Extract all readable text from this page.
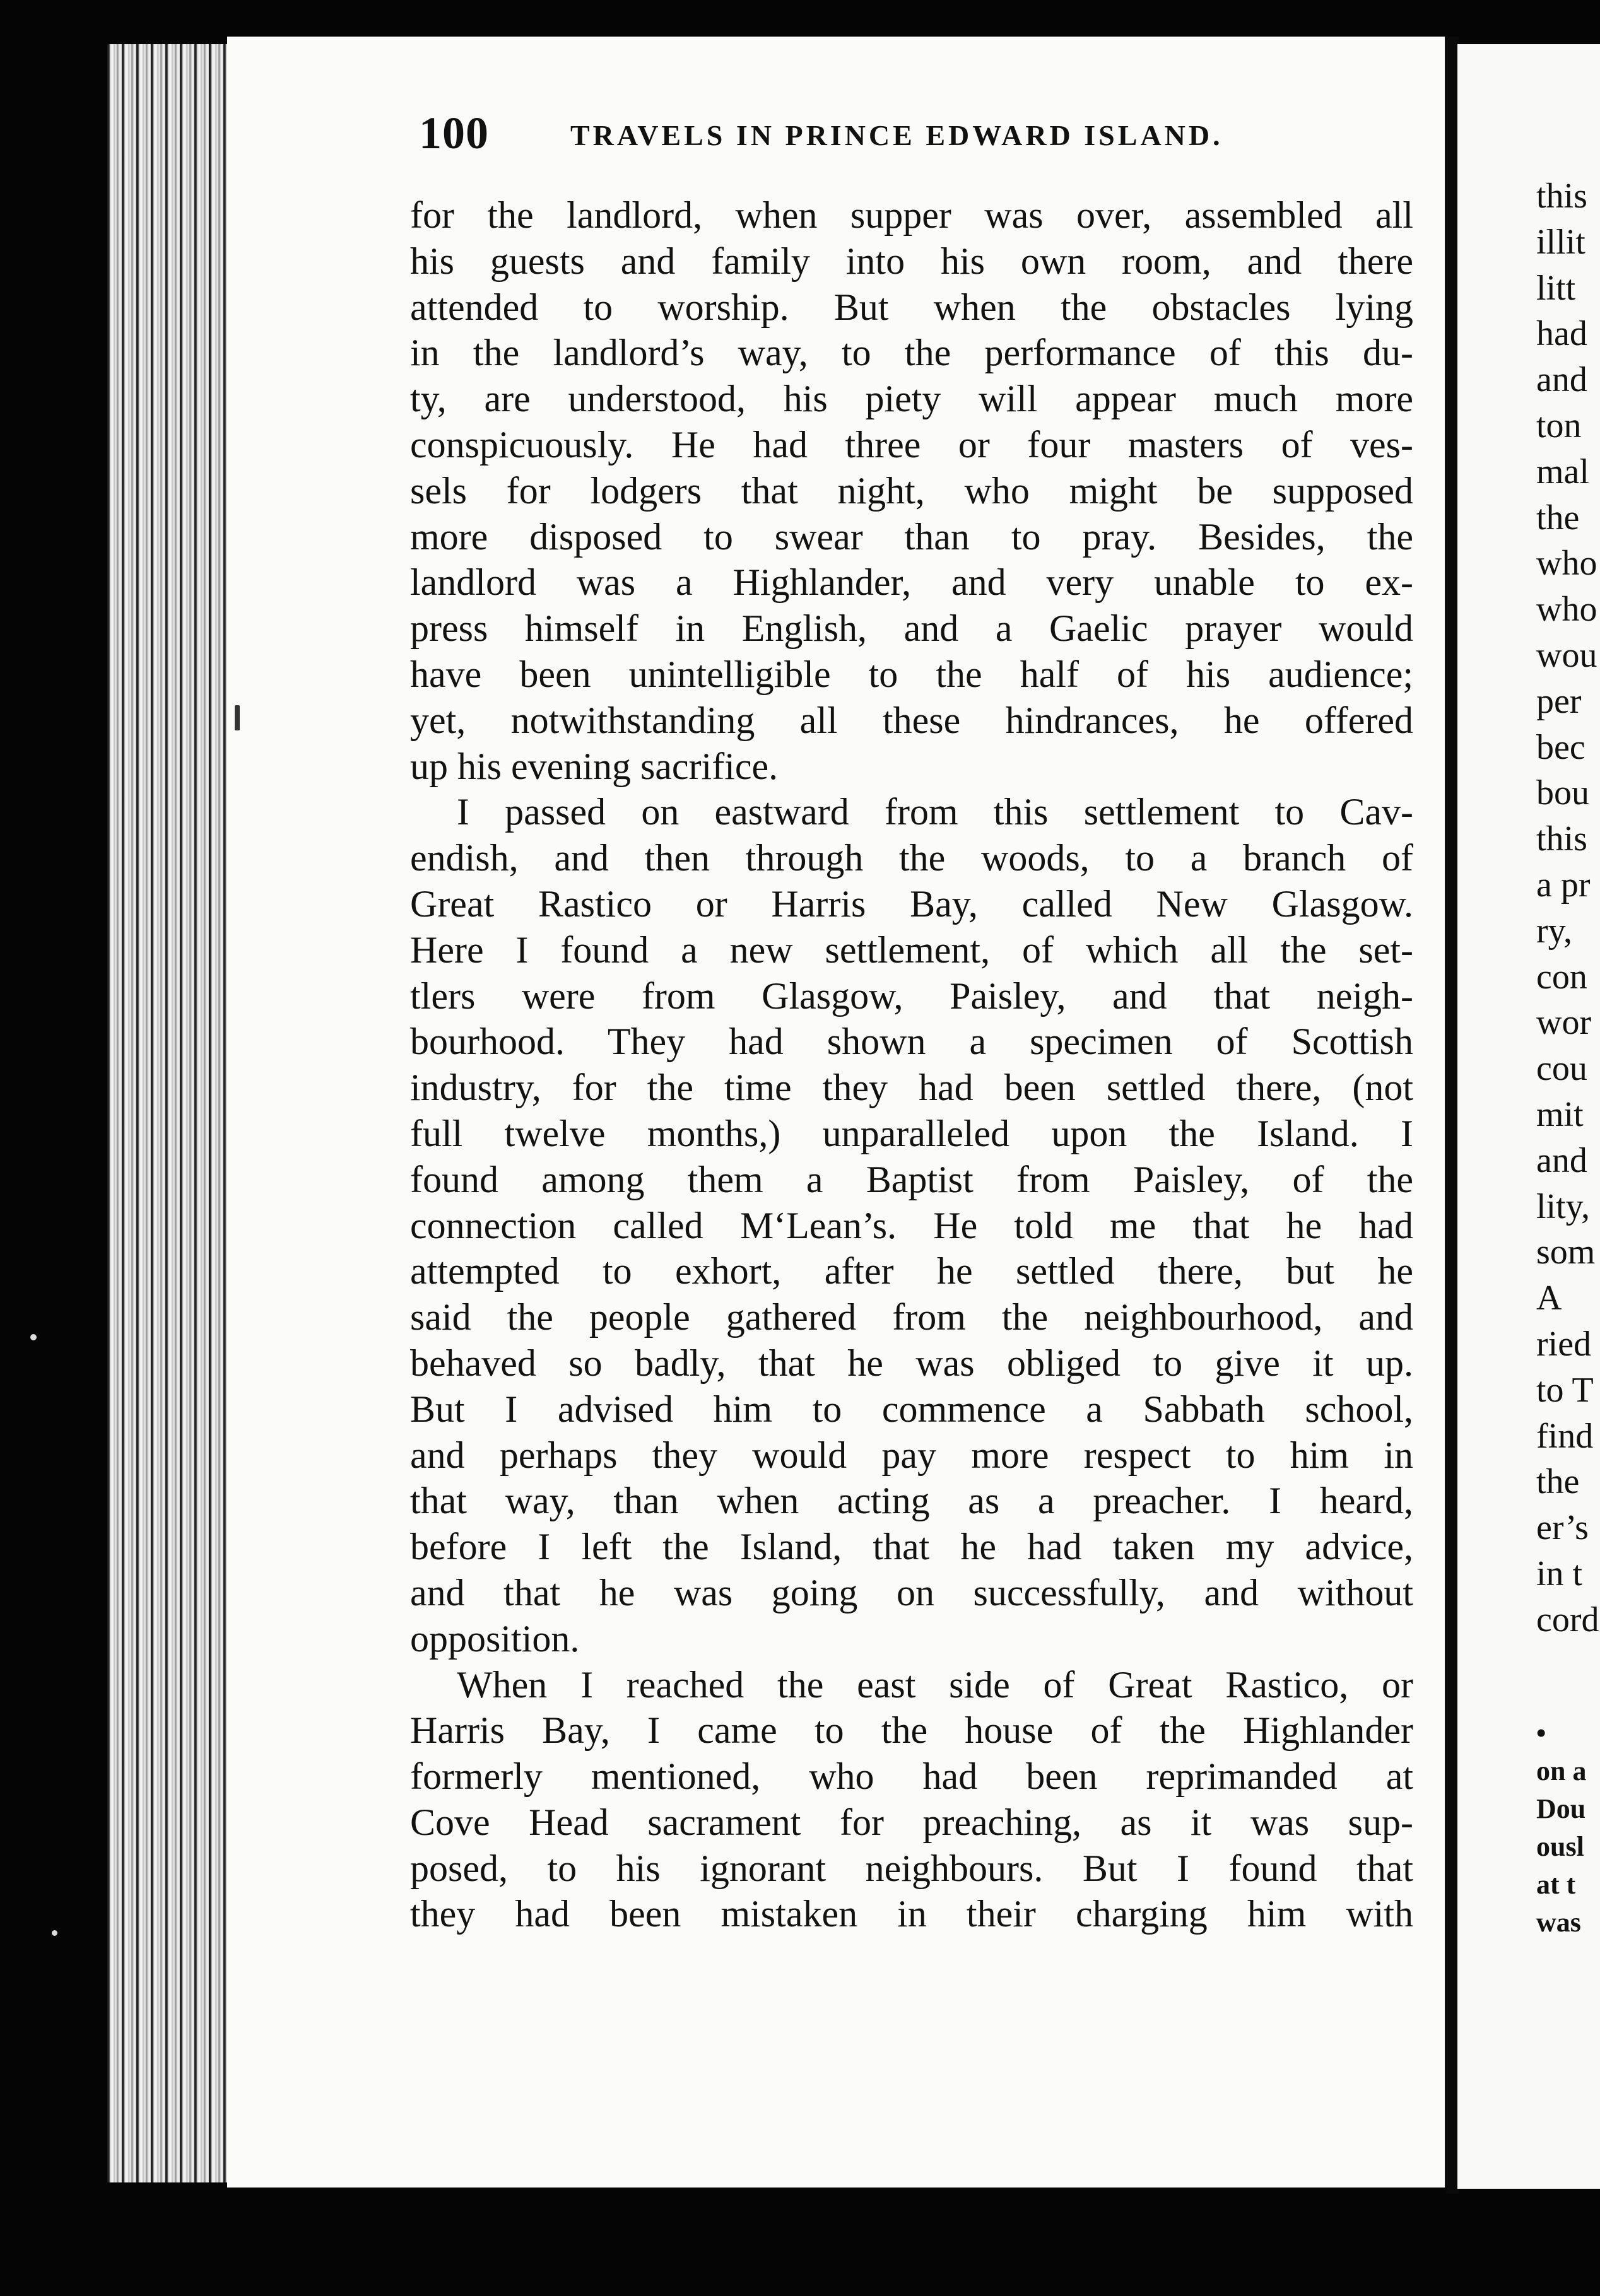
100	TRAVELS IN PRINCE EDWARD ISLAND.
for the landlord, when supper was over, assembled all
his guests and family into his own room, and there
attended to worship. But when the obstacles lying
in the landlord’s way, to the performance of this du-
ty, are understood, his piety will appear much more
conspicuously. He had three or four masters of ves-
sels for lodgers that night, who might be supposed
more disposed to swear than to pray. Besides, the
landlord was a Highlander, and very unable to ex-
press himself in English, and a Gaelic prayer would
have been unintelligible to the half of his audience;
yet, notwithstanding all these hindrances, he offered
up his evening sacrifice.
I passed on eastward from this settlement to Cav-
endish, and then through the woods, to a branch of
Great Rastico or Harris Bay, called New Glasgow.
Here I found a new settlement, of which all the set-
tlers were from Glasgow, Paisley, and that neigh-
bourhood. They had shown a specimen of Scottish
industry, for the time they had been settled there, (not
full twelve months,) unparalleled upon the Island. I
found among them a Baptist from Paisley, of the
connection called M‘Lean’s. He told me that he had
attempted to exhort, after he settled there, but he
said the people gathered from the neighbourhood, and
behaved so badly, that he was obliged to give it up.
But I advised him to commence a Sabbath school,
and perhaps they would pay more respect to him in
that way, than when acting as a preacher. I heard,
before I left the Island, that he had taken my advice,
and that he was going on successfully, and without
opposition.
When I reached the east side of Great Rastico, or
Harris Bay, I came to the house of the Highlander
formerly mentioned, who had been reprimanded at
Cove Head sacrament for preaching, as it was sup-
posed, to his ignorant neighbours. But I found that
they had been mistaken in their charging him with
this
illit
litt
had
and
ton
mal
the
who
who
wou
per
bec
bou
this
a pr
ry,
con
wor
cou
mit
and
lity,
som
A
ried
to T
find
the
er’s
in t
cord
•
on a
Dou
ousl
at t
was
